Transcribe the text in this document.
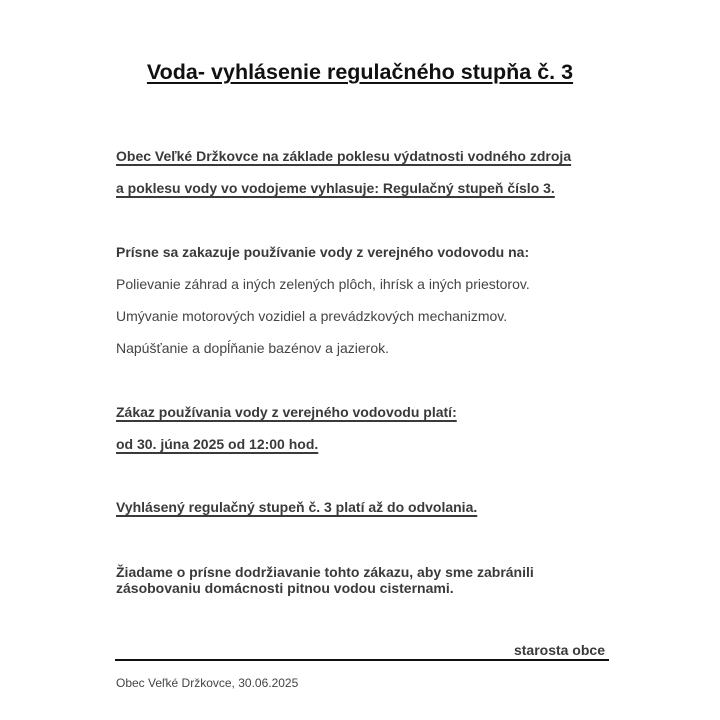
Voda- vyhlásenie regulačného stupňa č. 3

Obec Veľké Držkovce na základe poklesu výdatnosti vodného zdroja

a poklesu vody vo vodojeme vyhlasuje: Regulačný stupeň číslo 3.

Prísne sa zakazuje používanie vody z verejného vodovodu na:

Polievanie záhrad a iných zelených plôch, ihrísk a iných priestorov.

Umývanie motorových vozidiel a prevádzkových mechanizmov.

Napúšťanie a dopĺňanie bazénov a jazierok.

Zákaz používania vody z verejného vodovodu platí:

od 30. júna 2025 od 12:00 hod.

Vyhlásený regulačný stupeň č. 3 platí až do odvolania.

Žiadame o prísne dodržiavanie tohto zákazu, aby sme zabránili

zásobovaniu domácnosti pitnou vodou cisternami.

starosta obce

Obec Veľké Držkovce, 30.06.2025
